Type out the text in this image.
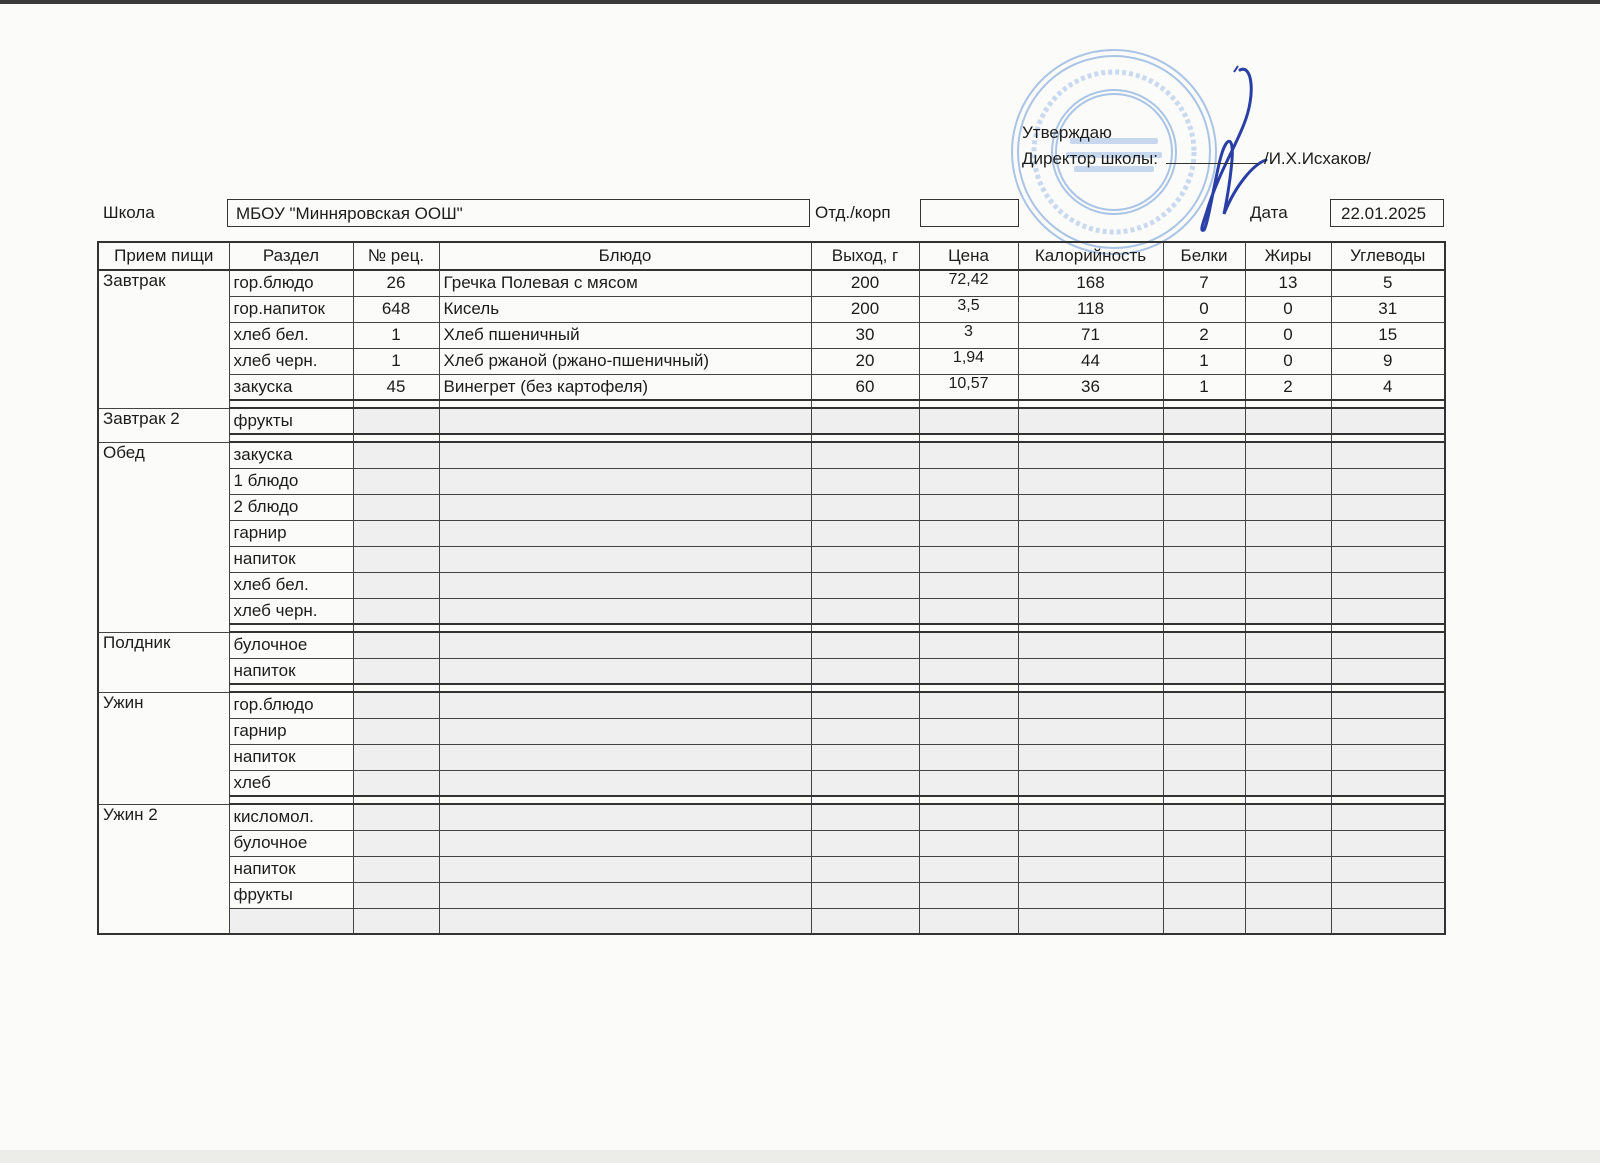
Утверждаю
Директор школы:	/И.Х.Исхаков/
Школа	МБОУ "Минняровская ООШ"	Отд./корп	Дата	22.01.2025
Прием пищи	Раздел	№ рец.	Блюдо	Выход, г	Цена	Калорийность	Белки	Жиры	Углеводы
Завтрак	гор.блюдо	26	Гречка Полевая с мясом	200	72,42	168	7	13	5
	гор.напиток	648	Кисель	200	3,5	118	0	0	31
	хлеб бел.	1	Хлеб пшеничный	30	3	71	2	0	15
	хлеб черн.	1	Хлеб ржаной (ржано-пшеничный)	20	1,94	44	1	0	9
	закуска	45	Винегрет (без картофеля)	60	10,57	36	1	2	4

Завтрак 2	фрукты								

Обед	закуска								
	1 блюдо								
	2 блюдо								
	гарнир								
	напиток								
	хлеб бел.								
	хлеб черн.								

Полдник	булочное								
	напиток								

Ужин	гор.блюдо								
	гарнир								
	напиток								
	хлеб								

Ужин 2	кисломол.								
	булочное								
	напиток								
	фрукты								
